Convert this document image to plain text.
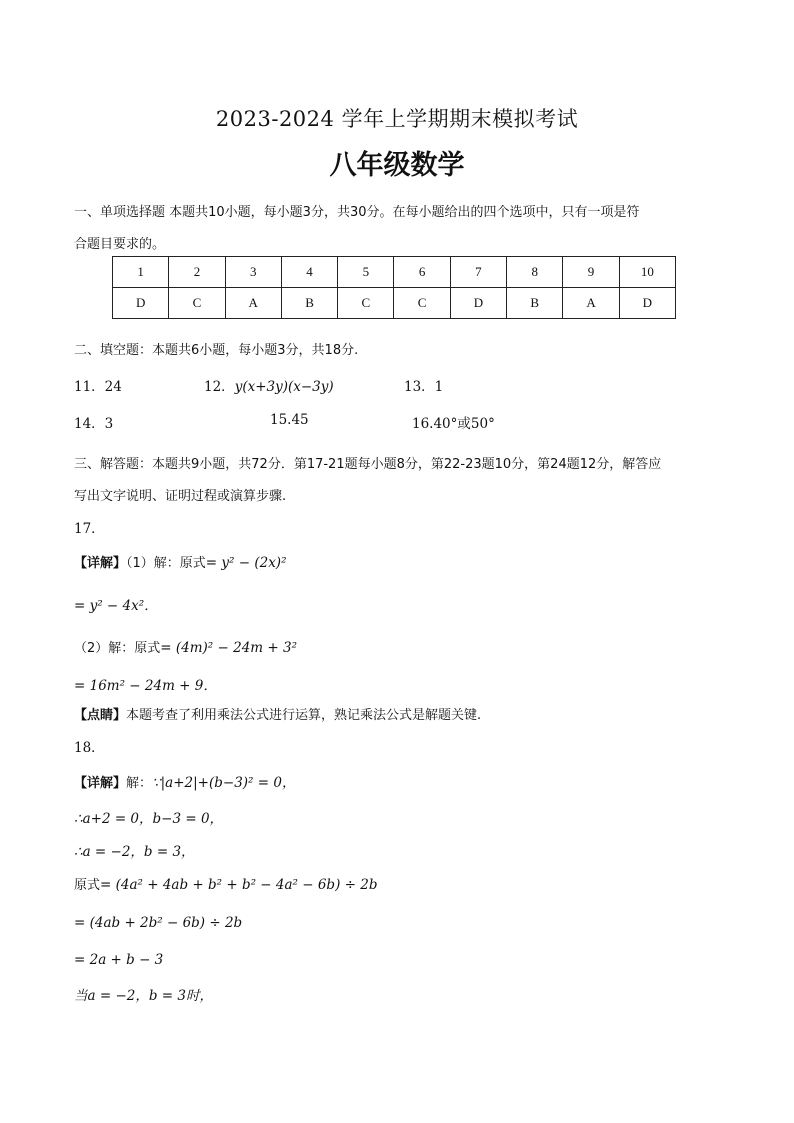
2023-2024 学年上学期期末模拟考试
八年级数学
一、单项选择题 本题共10小题，每小题3分，共30分。在每小题给出的四个选项中，只有一项是符
合题目要求的。
1	2	3	4	5	6	7	8	9	10
D	C	A	B	C	C	D	B	A	D
二、填空题：本题共6小题，每小题3分，共18分.
11．24	12．y(x+3y)(x−3y)	13．1
14．3	15.45	16.40°或50°
三、解答题：本题共9小题，共72分．第17-21题每小题8分，第22-23题10分，第24题12分，解答应
写出文字说明、证明过程或演算步骤.
17．
【详解】（1）解：原式= y² − (2x)²
= y² − 4x²．
（2）解：原式= (4m)² − 24m + 3²
= 16m² − 24m + 9．
【点睛】本题考查了利用乘法公式进行运算，熟记乘法公式是解题关键.
18．
【详解】解：∵|a+2|+(b−3)² = 0，
∴a+2 = 0，b−3 = 0，
∴a = −2，b = 3，
原式= (4a² + 4ab + b² + b² − 4a² − 6b) ÷ 2b
= (4ab + 2b² − 6b) ÷ 2b
= 2a + b − 3
当a = −2，b = 3时，
